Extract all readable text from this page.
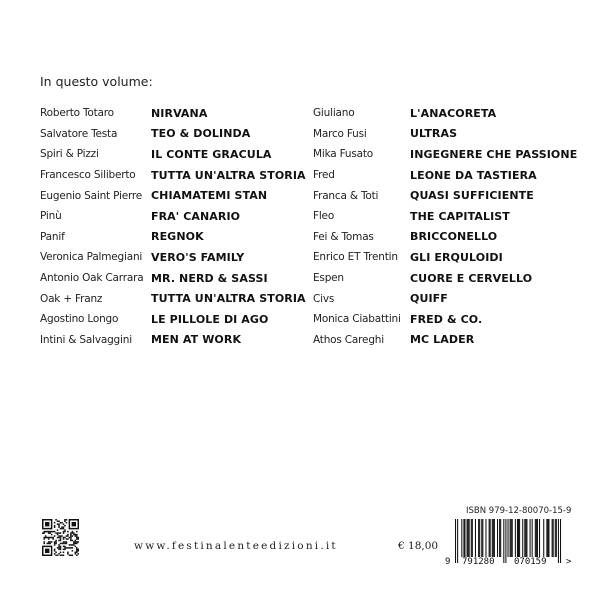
In questo volume:
Roberto Totaro	NIRVANA
Salvatore Testa	TEO & DOLINDA
Spiri & Pizzi	IL CONTE GRACULA
Francesco Siliberto	TUTTA UN'ALTRA STORIA
Eugenio Saint Pierre CHIAMATEMI STAN
Pinù	FRA' CANARIO
Panif	REGNOK
Veronica Palmegiani VERO'S FAMILY
Antonio Oak Carrara MR. NERD & SASSI
Oak + Franz	TUTTA UN'ALTRA STORIA
Agostino Longo	LE PILLOLE DI AGO
Intini & Salvaggini	MEN AT WORK
Giuliano	L'ANACORETA
Marco Fusi	ULTRAS
Mika Fusato	INGEGNERE CHE PASSIONE
Fred	LEONE DA TASTIERA
Franca & Toti	QUASI SUFFICIENTE
Fleo	THE CAPITALIST
Fei & Tomas	BRICCONELLO
Enrico ET Trentin	GLI ERQULOIDI
Espen	CUORE E CERVELLO
Civs	QUIFF
Monica Ciabattini FRED & CO.
Athos Careghi	MC LADER
www.festinalenteedizioni.it	€ 18,00
ISBN 979-12-80070-15-9
9 791280 070159 >
